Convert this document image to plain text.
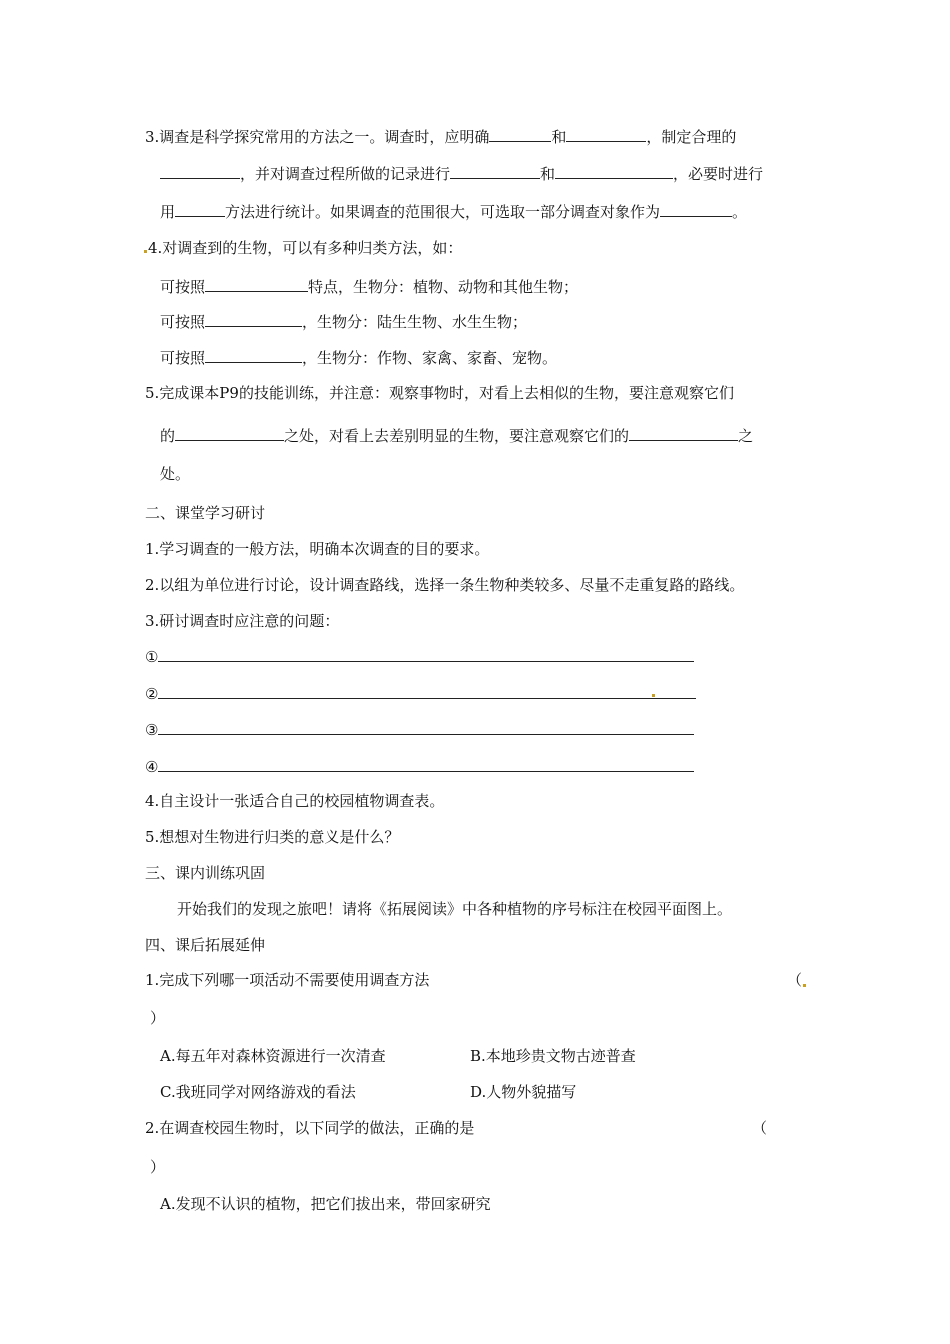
3.调查是科学探究常用的方法之一。调查时，应明确	和	，制定合理的
，并对调查过程所做的记录进行	和	，必要时进行
用	方法进行统计。如果调查的范围很大，可选取一部分调查对象作为	。
4.对调查到的生物，可以有多种归类方法，如：
可按照	特点，生物分：植物、动物和其他生物；
可按照	，生物分：陆生生物、水生生物；
可按照	，生物分：作物、家禽、家畜、宠物。
5.完成课本P9的技能训练，并注意：观察事物时，对看上去相似的生物，要注意观察它们
的	之处，对看上去差别明显的生物，要注意观察它们的	之
处。
二、课堂学习研讨
1.学习调查的一般方法，明确本次调查的目的要求。
2.以组为单位进行讨论，设计调查路线，选择一条生物种类较多、尽量不走重复路的路线。
3.研讨调查时应注意的问题：
①
②
③
④
4.自主设计一张适合自己的校园植物调查表。
5.想想对生物进行归类的意义是什么？
三、课内训练巩固
开始我们的发现之旅吧！请将《拓展阅读》中各种植物的序号标注在校园平面图上。
四、课后拓展延伸
1.完成下列哪一项活动不需要使用调查方法	（
）
A.每五年对森林资源进行一次清查	B.本地珍贵文物古迹普查
C.我班同学对网络游戏的看法	D.人物外貌描写
2.在调查校园生物时，以下同学的做法，正确的是	（
）
A.发现不认识的植物，把它们拔出来，带回家研究
